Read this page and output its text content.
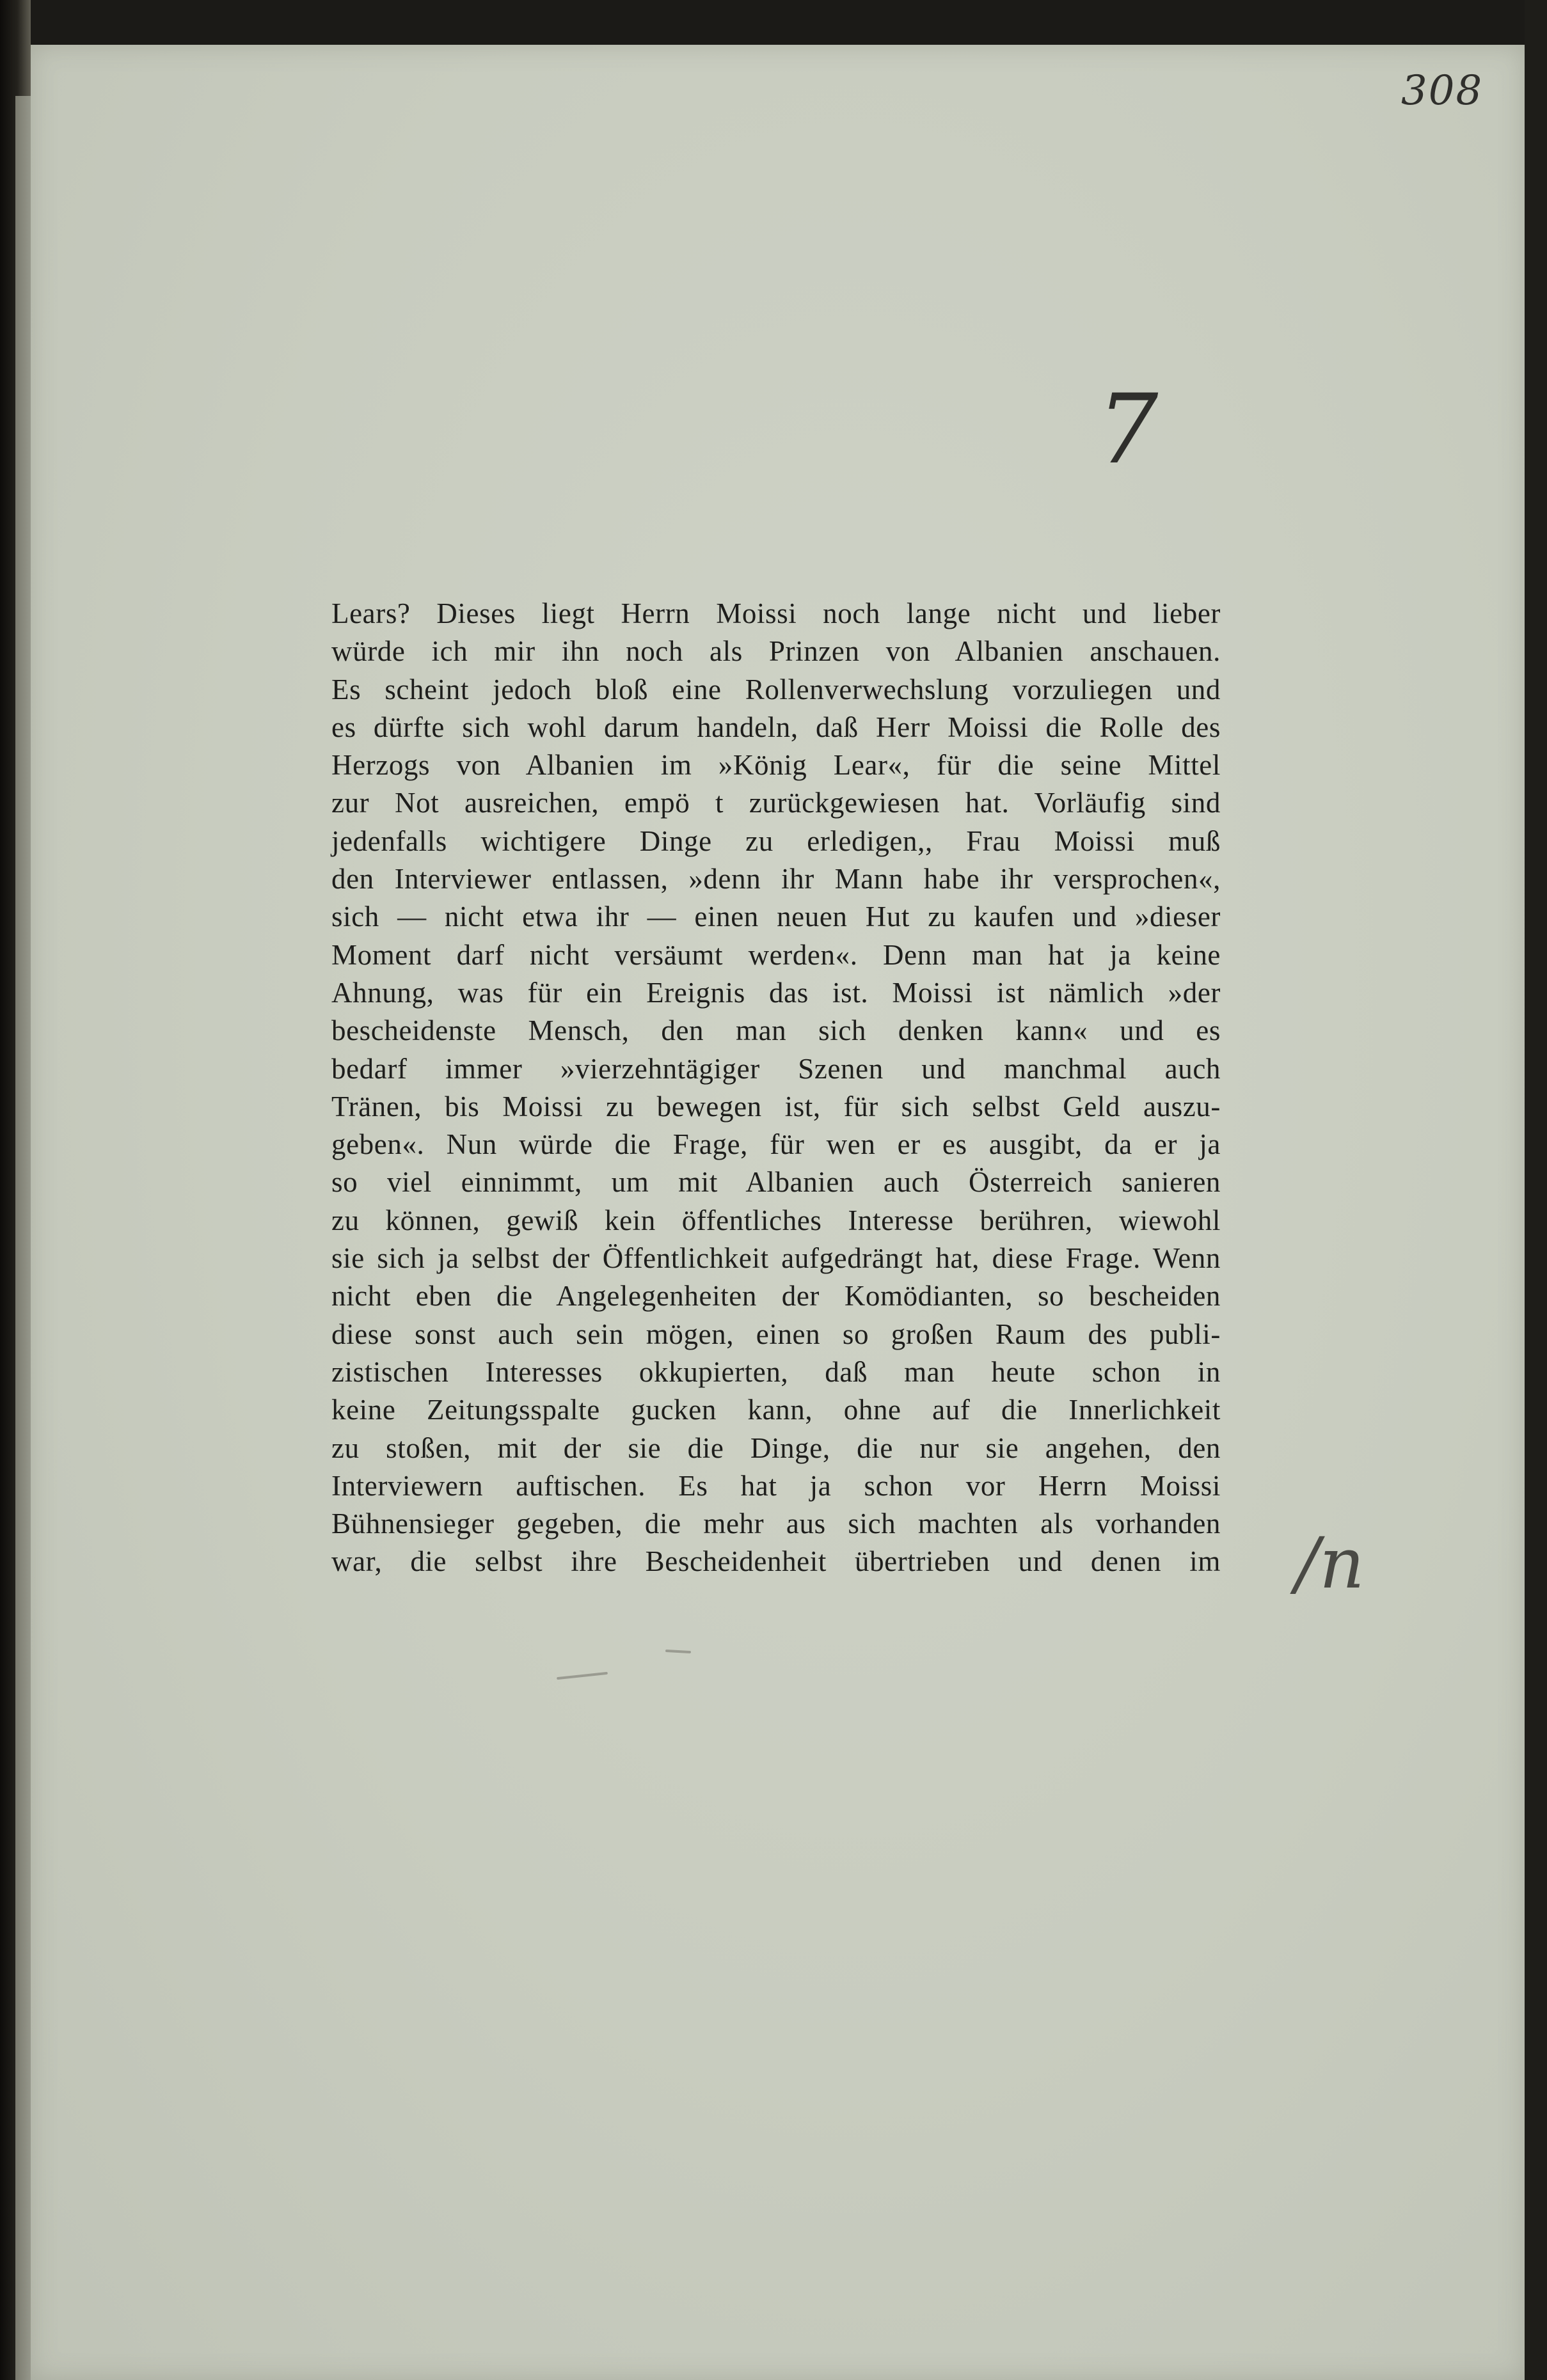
308
7
/n
Lears? Dieses liegt Herrn Moissi noch lange nicht und lieber
würde ich mir ihn noch als Prinzen von Albanien anschauen.
Es scheint jedoch bloß eine Rollenverwechslung vorzuliegen und
es dürfte sich wohl darum handeln, daß Herr Moissi die Rolle des
Herzogs von Albanien im »König Lear«, für die seine Mittel
zur Not ausreichen, empö t zurückgewiesen hat. Vorläufig sind
jedenfalls wichtigere Dinge zu erledigen,, Frau Moissi muß
den Interviewer entlassen, »denn ihr Mann habe ihr versprochen«,
sich — nicht etwa ihr — einen neuen Hut zu kaufen und »dieser
Moment darf nicht versäumt werden«. Denn man hat ja keine
Ahnung, was für ein Ereignis das ist. Moissi ist nämlich »der
bescheidenste Mensch, den man sich denken kann« und es
bedarf immer »vierzehntägiger Szenen und manchmal auch
Tränen, bis Moissi zu bewegen ist, für sich selbst Geld auszu-
geben«. Nun würde die Frage, für wen er es ausgibt, da er ja
so viel einnimmt, um mit Albanien auch Österreich sanieren
zu können, gewiß kein öffentliches Interesse berühren, wiewohl
sie sich ja selbst der Öffentlichkeit aufgedrängt hat, diese Frage. Wenn
nicht eben die Angelegenheiten der Komödianten, so bescheiden
diese sonst auch sein mögen, einen so großen Raum des publi-
zistischen Interesses okkupierten, daß man heute schon in
keine Zeitungsspalte gucken kann, ohne auf die Innerlichkeit
zu stoßen, mit der sie die Dinge, die nur sie angehen, den
Interviewern auftischen. Es hat ja schon vor Herrn Moissi
Bühnensieger gegeben, die mehr aus sich machten als vorhanden
war, die selbst ihre Bescheidenheit übertrieben und denen im
